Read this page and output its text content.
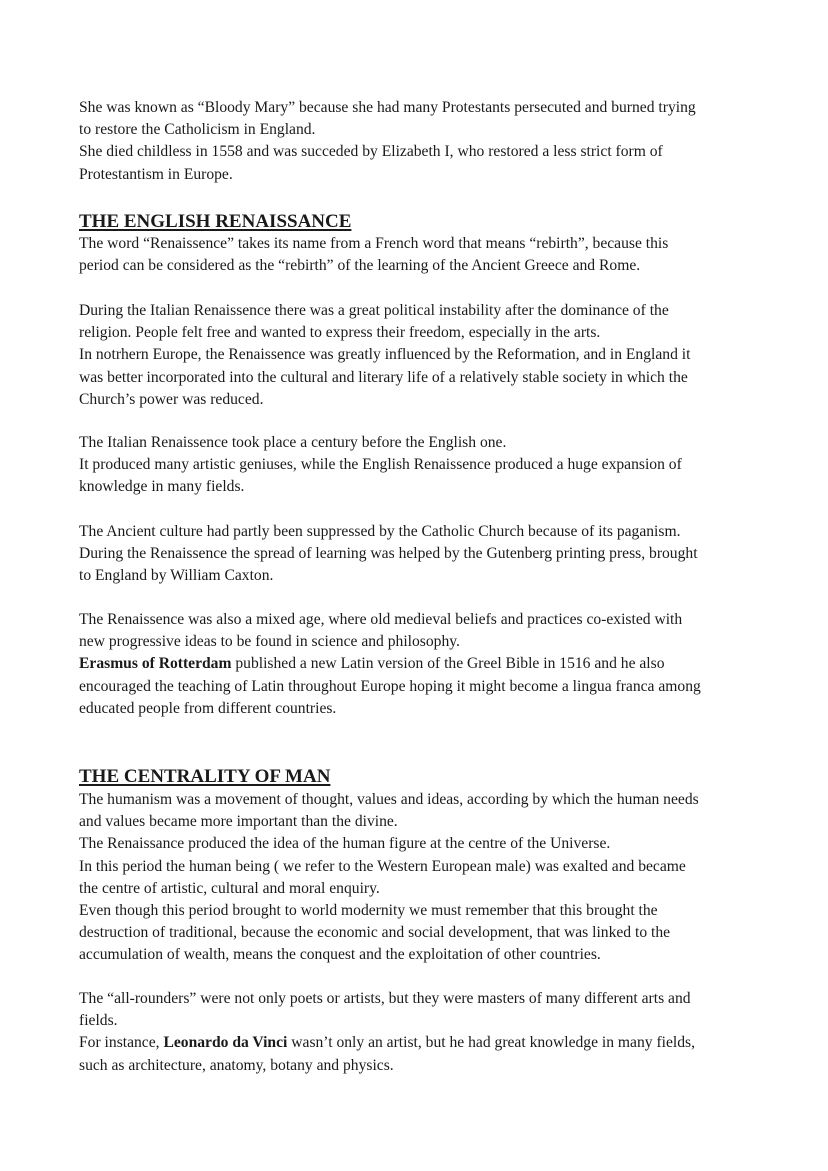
She was known as “Bloody Mary” because she had many Protestants persecuted and burned trying
to restore the Catholicism in England.
She died childless in 1558 and was succeded by Elizabeth I, who restored a less strict form of
Protestantism in Europe.
THE ENGLISH RENAISSANCE
The word “Renaissence” takes its name from a French word that means “rebirth”, because this
period can be considered as the “rebirth” of the learning of the Ancient Greece and Rome.
During the Italian Renaissence there was a great political instability after the dominance of the
religion. People felt free and wanted to express their freedom, especially in the arts.
In notrhern Europe, the Renaissence was greatly influenced by the Reformation, and in England it
was better incorporated into the cultural and literary life of a relatively stable society in which the
Church’s power was reduced.
The Italian Renaissence took place a century before the English one.
It produced many artistic geniuses, while the English Renaissence produced a huge expansion of
knowledge in many fields.
The Ancient culture had partly been suppressed by the Catholic Church because of its paganism.
During the Renaissence the spread of learning was helped by the Gutenberg printing press, brought
to England by William Caxton.
The Renaissence was also a mixed age, where old medieval beliefs and practices co-existed with
new progressive ideas to be found in science and philosophy.
Erasmus of Rotterdam published a new Latin version of the Greel Bible in 1516 and he also
encouraged the teaching of Latin throughout Europe hoping it might become a lingua franca among
educated people from different countries.
THE CENTRALITY OF MAN
The humanism was a movement of thought, values and ideas, according by which the human needs
and values became more important than the divine.
The Renaissance produced the idea of the human figure at the centre of the Universe.
In this period the human being ( we refer to the Western European male) was exalted and became
the centre of artistic, cultural and moral enquiry.
Even though this period brought to world modernity we must remember that this brought the
destruction of traditional, because the economic and social development, that was linked to the
accumulation of wealth, means the conquest and the exploitation of other countries.
The “all-rounders” were not only poets or artists, but they were masters of many different arts and
fields.
For instance, Leonardo da Vinci wasn’t only an artist, but he had great knowledge in many fields,
such as architecture, anatomy, botany and physics.
